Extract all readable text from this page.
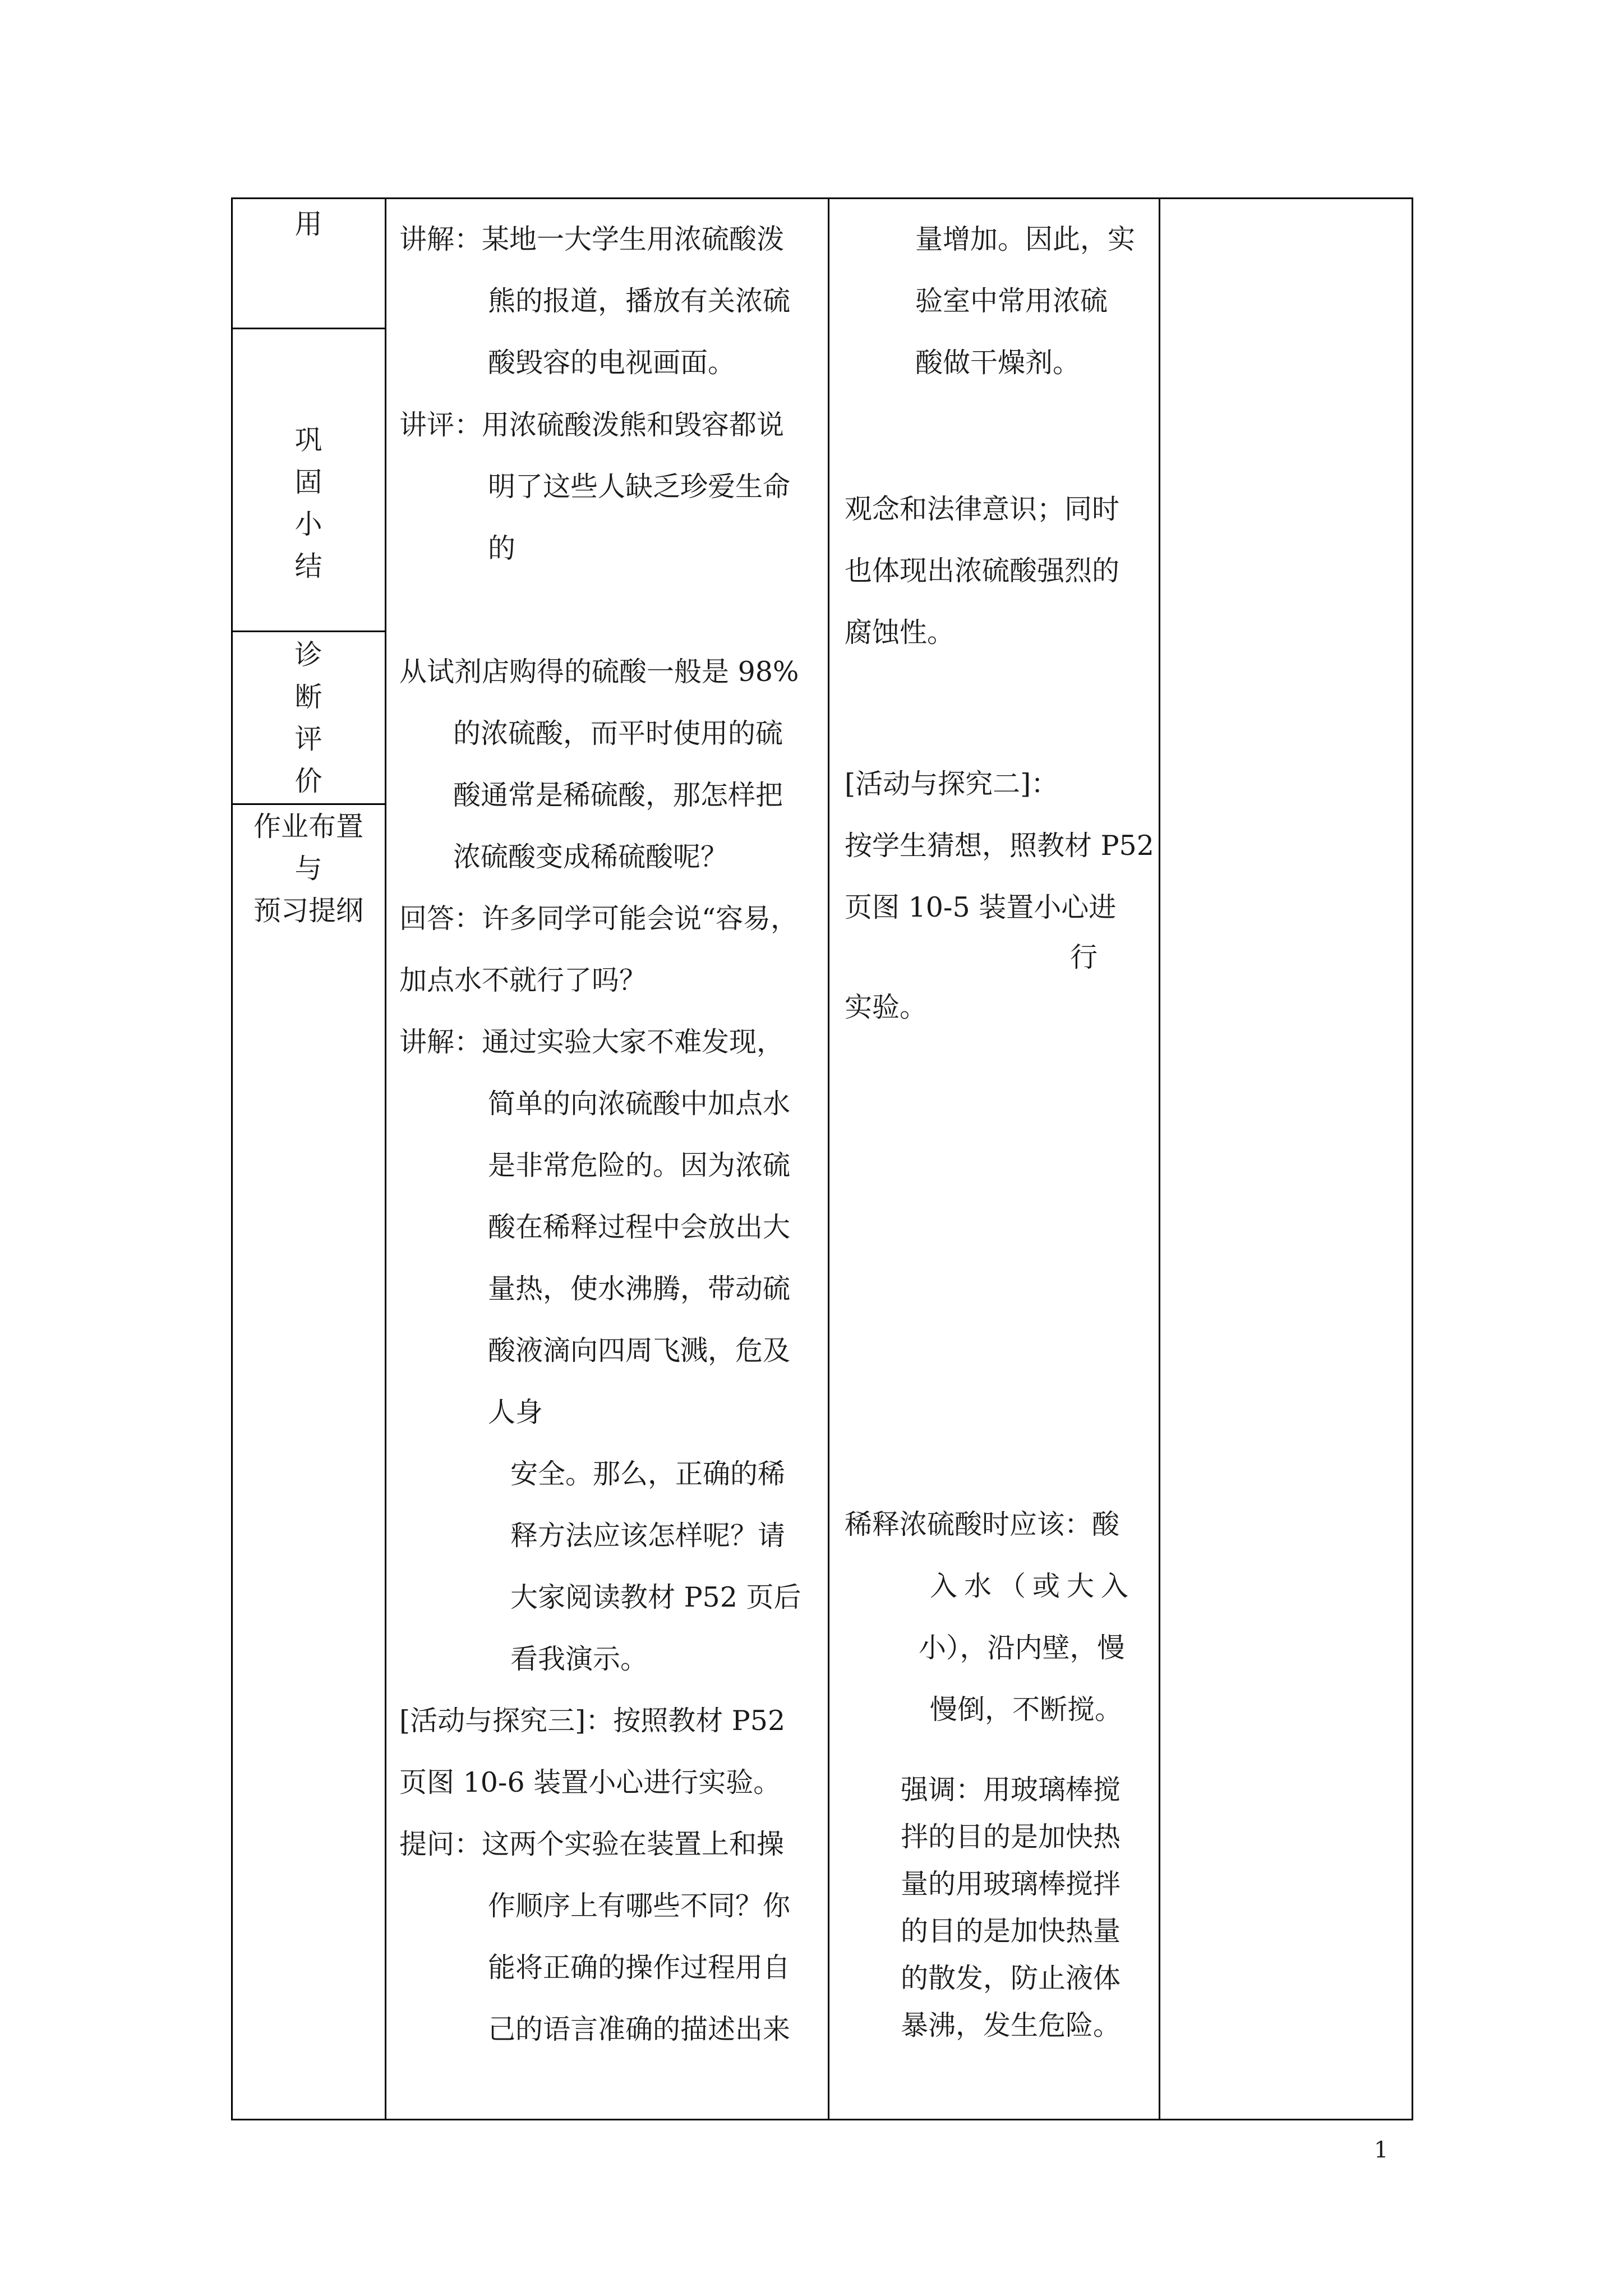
用
巩
固
小
结
诊
断
评
价
作业布置
与
预习提纲
讲解：某地一大学生用浓硫酸泼
熊的报道，播放有关浓硫
酸毁容的电视画面。
讲评：用浓硫酸泼熊和毁容都说
明了这些人缺乏珍爱生命
的
从试剂店购得的硫酸一般是 98%
的浓硫酸，而平时使用的硫
酸通常是稀硫酸，那怎样把
浓硫酸变成稀硫酸呢？
回答：许多同学可能会说“容易，
加点水不就行了吗？
讲解：通过实验大家不难发现，
简单的向浓硫酸中加点水
是非常危险的。因为浓硫
酸在稀释过程中会放出大
量热，使水沸腾，带动硫
酸液滴向四周飞溅，危及
人身
安全。那么，正确的稀
释方法应该怎样呢？请
大家阅读教材 P52 页后
看我演示。
[活动与探究三]：按照教材 P52
页图 10-6 装置小心进行实验。
提问：这两个实验在装置上和操
作顺序上有哪些不同？你
能将正确的操作过程用自
己的语言准确的描述出来
量增加。因此，实
验室中常用浓硫
酸做干燥剂。
观念和法律意识；同时
也体现出浓硫酸强烈的
腐蚀性。
[活动与探究二]：
按学生猜想，照教材 P52
页图 10-5 装置小心进
行
实验。
稀释浓硫酸时应该：酸
入水（或大入
小），沿内壁，慢
慢倒，不断搅。
强调：用玻璃棒搅
拌的目的是加快热
量的用玻璃棒搅拌
的目的是加快热量
的散发，防止液体
暴沸，发生危险。
1
